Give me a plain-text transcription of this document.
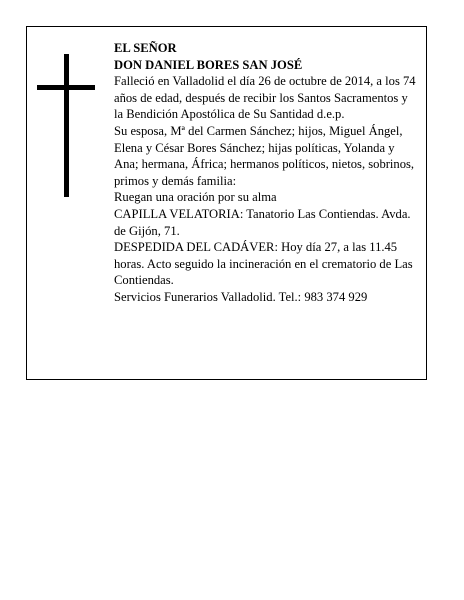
EL SEÑOR

DON DANIEL BORES SAN JOSÉ

Falleció en Valladolid el día 26 de octubre de 2014, a los 74 años de edad, después de recibir los Santos Sacramentos y la Bendición Apostólica de Su Santidad d.e.p.

Su esposa, Mª del Carmen Sánchez; hijos, Miguel Ángel, Elena y César Bores Sánchez; hijas políticas, Yolanda y Ana; hermana, África; hermanos políticos, nietos, sobrinos, primos y demás familia:

Ruegan una oración por su alma

CAPILLA VELATORIA: Tanatorio Las Contiendas. Avda. de Gijón, 71.

DESPEDIDA DEL CADÁVER: Hoy día 27, a las 11.45 horas. Acto seguido la incineración en el crematorio de Las Contiendas.

Servicios Funerarios Valladolid. Tel.: 983 374 929
